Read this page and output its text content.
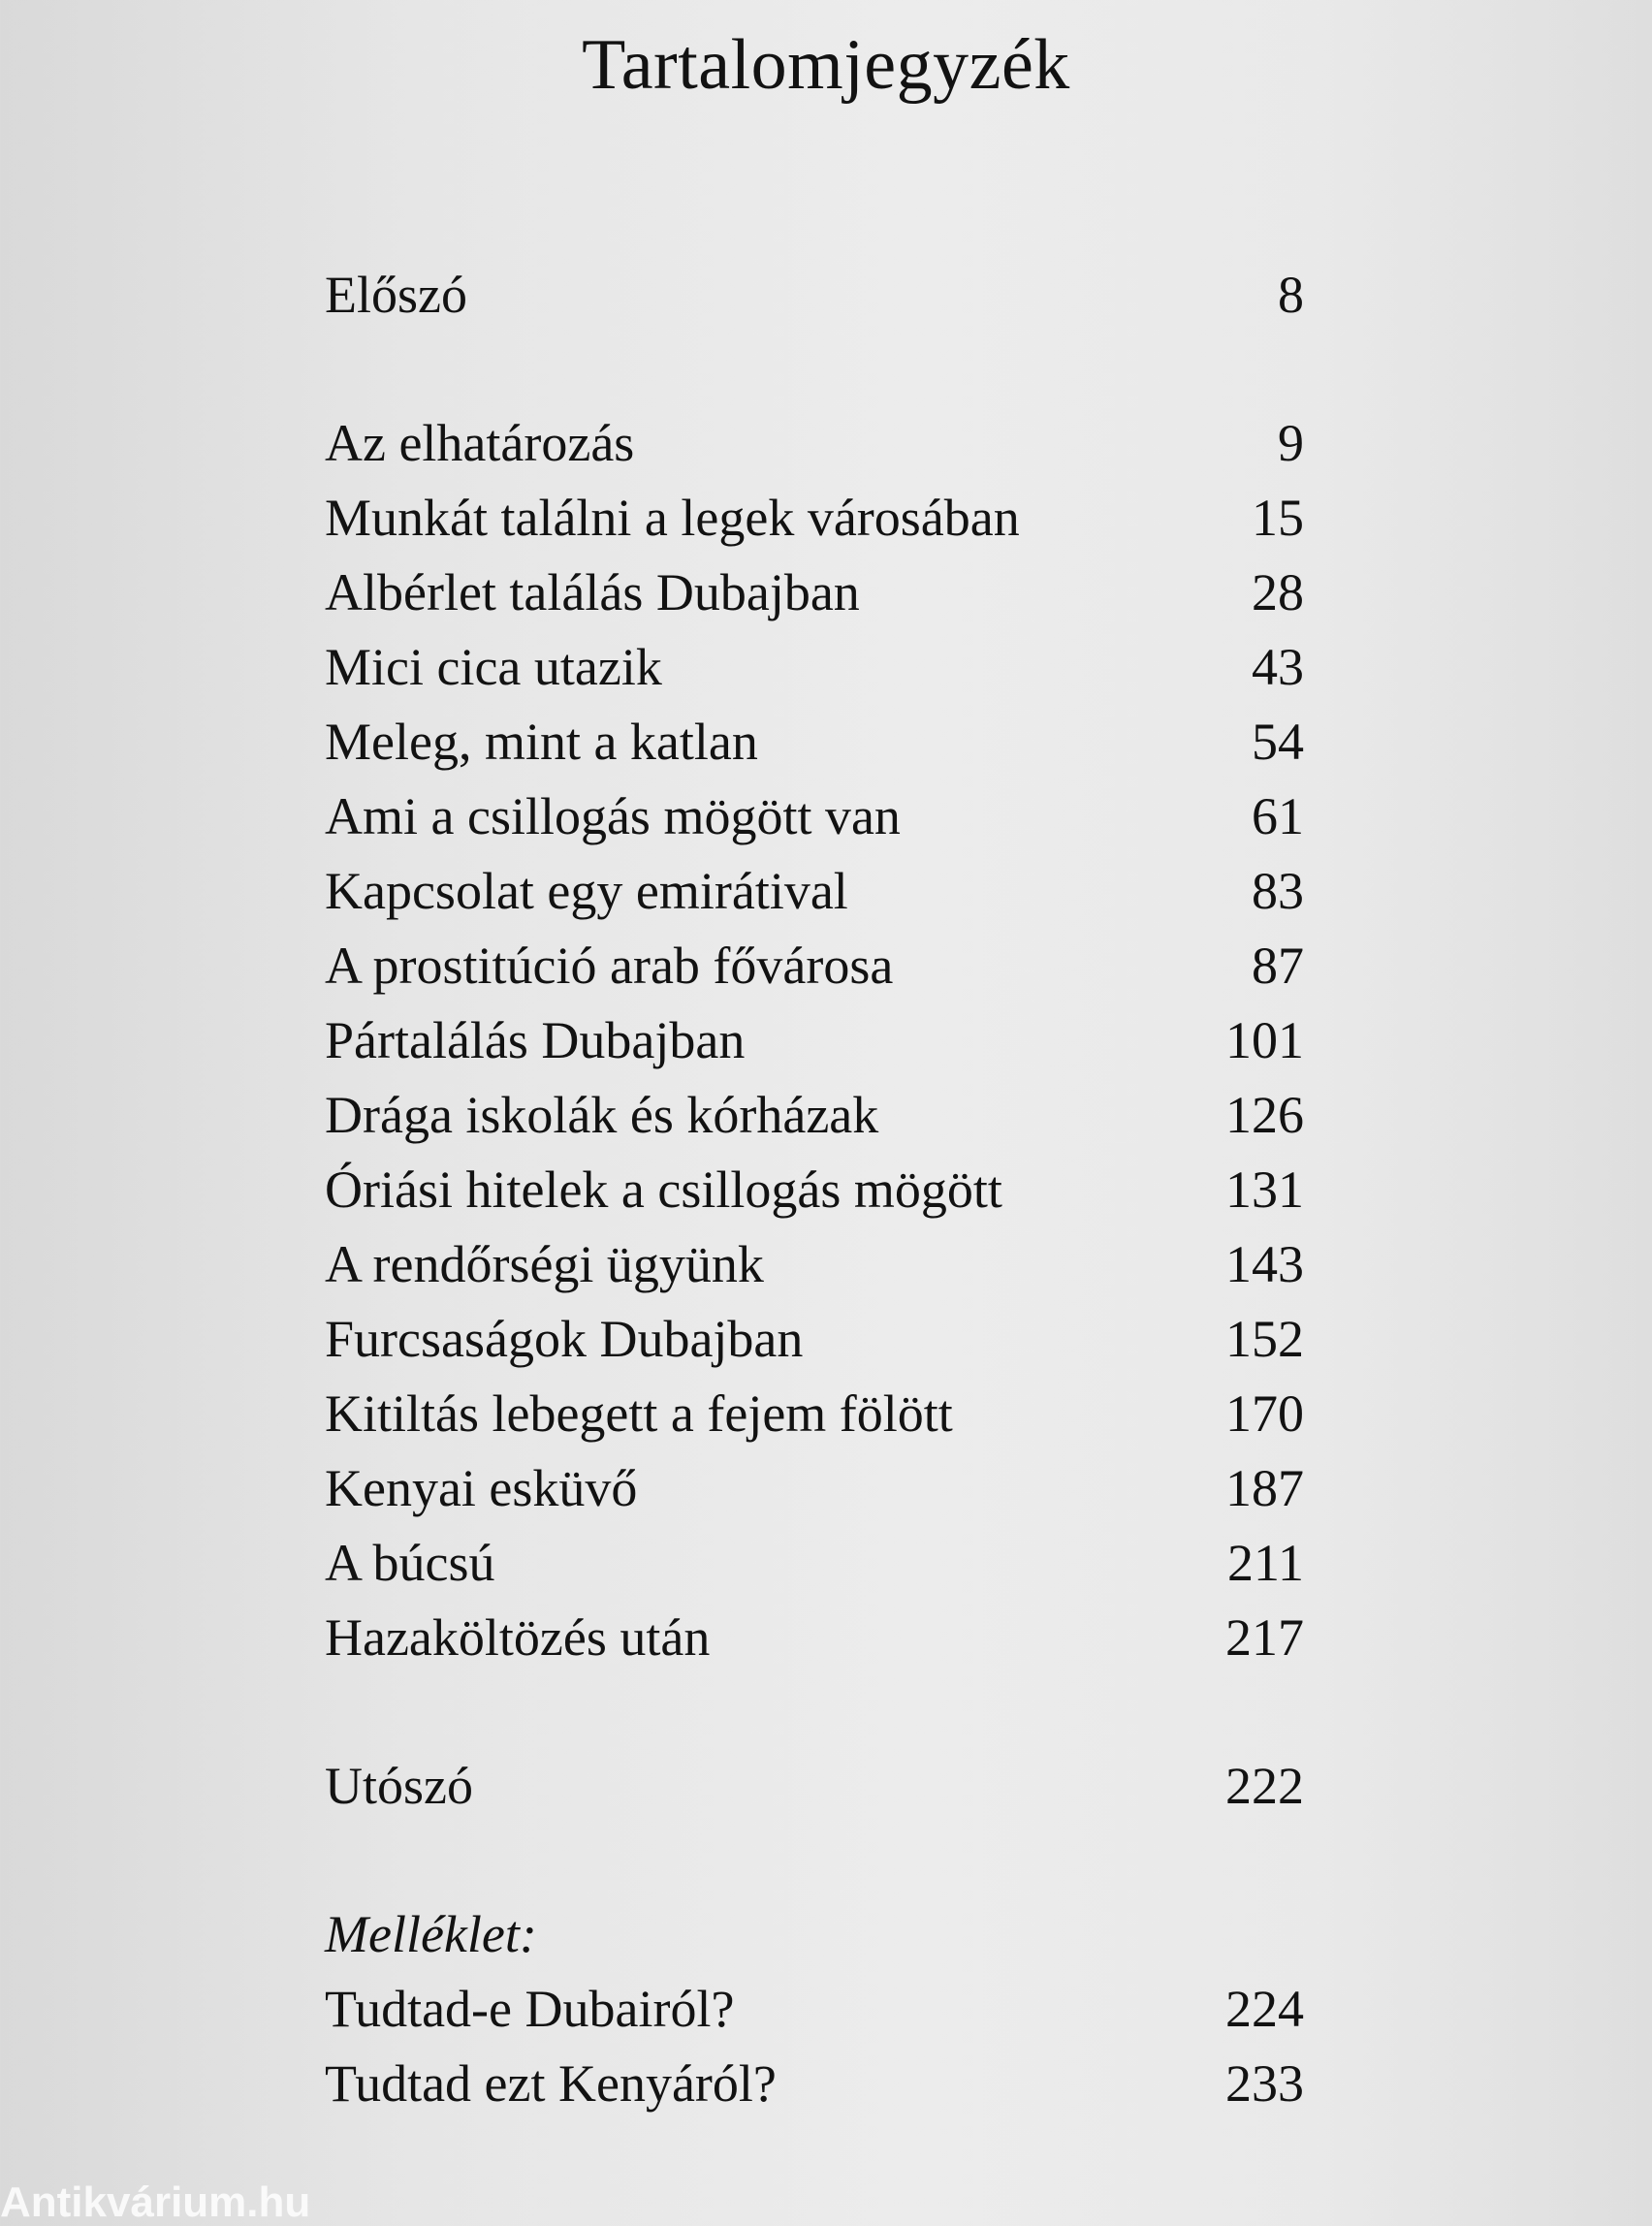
Tartalomjegyzék
Előszó	8
Az elhatározás	9
Munkát találni a legek városában	15
Albérlet találás Dubajban	28
Mici cica utazik	43
Meleg, mint a katlan	54
Ami a csillogás mögött van	61
Kapcsolat egy emirátival	83
A prostitúció arab fővárosa	87
Pártalálás Dubajban	101
Drága iskolák és kórházak	126
Óriási hitelek a csillogás mögött	131
A rendőrségi ügyünk	143
Furcsaságok Dubajban	152
Kitiltás lebegett a fejem fölött	170
Kenyai esküvő	187
A búcsú	211
Hazaköltözés után	217
Utószó	222
Melléklet:
Tudtad-e Dubairól?	224
Tudtad ezt Kenyáról?	233
Antikvárium.hu
